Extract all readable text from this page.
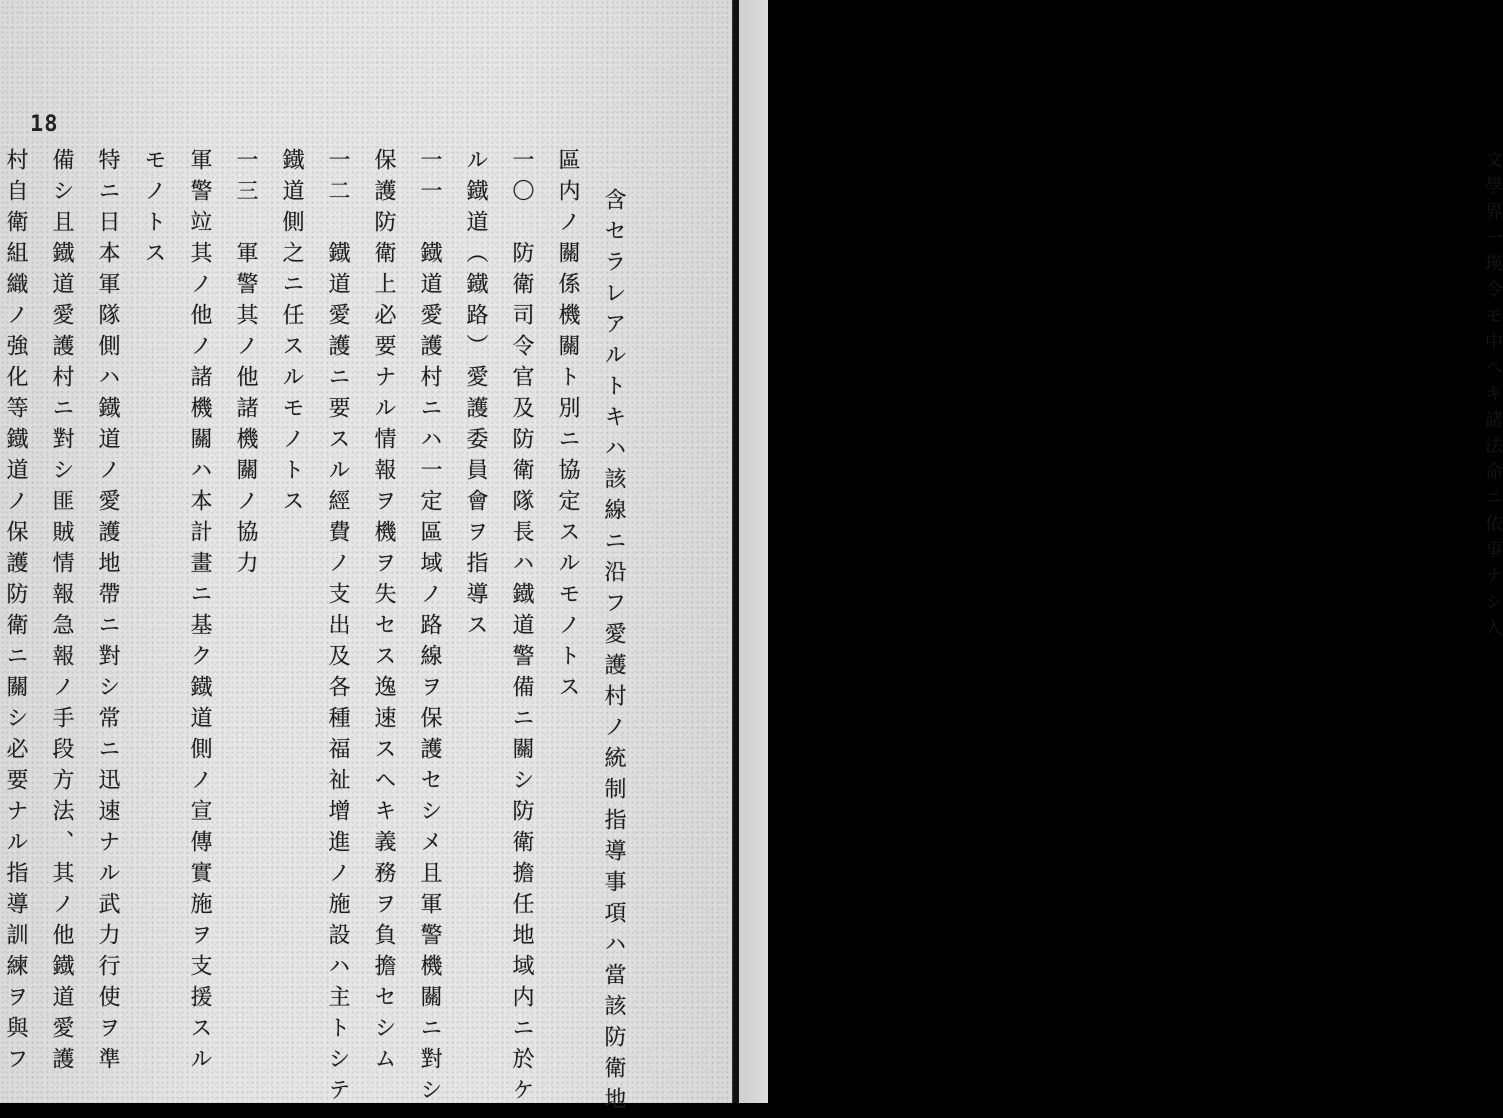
18
含セラレアルトキハ該線ニ沿フ愛護村ノ統制指導事項ハ當該防衛地
區内ノ關係機關ト別ニ協定スルモノトス
一〇　防衛司令官及防衛隊長ハ鐡道警備ニ關シ防衛擔任地域内ニ於ケ
ル鐡道（鐡路）愛護委員會ヲ指導ス
一一　鐡道愛護村ニハ一定區域ノ路線ヲ保護セシメ且軍警機關ニ對シ
保護防衛上必要ナル情報ヲ機ヲ失セス逸速スヘキ義務ヲ負擔セシム
一二　鐡道愛護ニ要スル經費ノ支出及各種福祉增進ノ施設ハ主トシテ
鐡道側之ニ任スルモノトス
一三　軍警其ノ他諸機關ノ協力
軍警竝其ノ他ノ諸機關ハ本計畫ニ基ク鐡道側ノ宣傳實施ヲ支援スル
モノトス
特ニ日本軍隊側ハ鐡道ノ愛護地帶ニ對シ常ニ迅速ナル武力行使ヲ準
備シ且鐡道愛護村ニ對シ匪賊情報急報ノ手段方法、其ノ他鐡道愛護
村自衛組織ノ強化等鐡道ノ保護防衛ニ關シ必要ナル指導訓練ヲ與フ	文學界一瑛令モ中ヘキ諸法命ニ依事ナシ入
